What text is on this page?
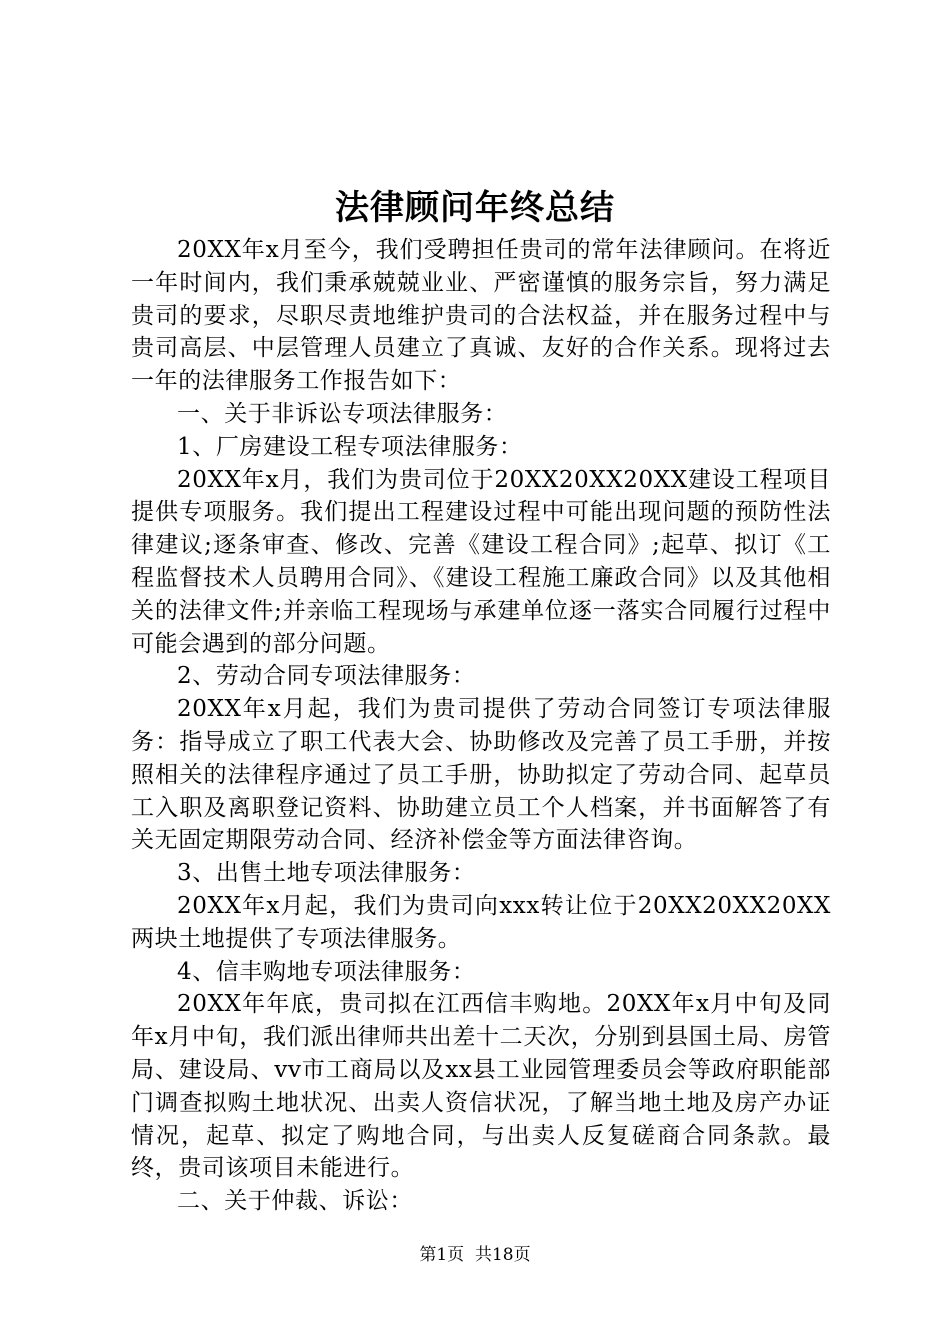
法律顾问年终总结

20XX年x月至今，我们受聘担任贵司的常年法律顾问。在将近一年时间内，我们秉承兢兢业业、严密谨慎的服务宗旨，努力满足贵司的要求，尽职尽责地维护贵司的合法权益，并在服务过程中与贵司高层、中层管理人员建立了真诚、友好的合作关系。现将过去一年的法律服务工作报告如下：

一、关于非诉讼专项法律服务：

1、厂房建设工程专项法律服务：

20XX年x月，我们为贵司位于20XX20XX20XX建设工程项目提供专项服务。我们提出工程建设过程中可能出现问题的预防性法律建议;逐条审查、修改、完善《建设工程合同》;起草、拟订《工程监督技术人员聘用合同》、《建设工程施工廉政合同》以及其他相关的法律文件;并亲临工程现场与承建单位逐一落实合同履行过程中可能会遇到的部分问题。

2、劳动合同专项法律服务：

20XX年x月起，我们为贵司提供了劳动合同签订专项法律服务：指导成立了职工代表大会、协助修改及完善了员工手册，并按照相关的法律程序通过了员工手册，协助拟定了劳动合同、起草员工入职及离职登记资料、协助建立员工个人档案，并书面解答了有关无固定期限劳动合同、经济补偿金等方面法律咨询。

3、出售土地专项法律服务：

20XX年x月起，我们为贵司向xxx转让位于20XX20XX20XX两块土地提供了专项法律服务。

4、信丰购地专项法律服务：

20XX年年底，贵司拟在江西信丰购地。20XX年x月中旬及同年x月中旬，我们派出律师共出差十二天次，分别到县国土局、房管局、建设局、vv市工商局以及xx县工业园管理委员会等政府职能部门调查拟购土地状况、出卖人资信状况，了解当地土地及房产办证情况，起草、拟定了购地合同，与出卖人反复磋商合同条款。最终，贵司该项目未能进行。

二、关于仲裁、诉讼：

第1页  共18页
